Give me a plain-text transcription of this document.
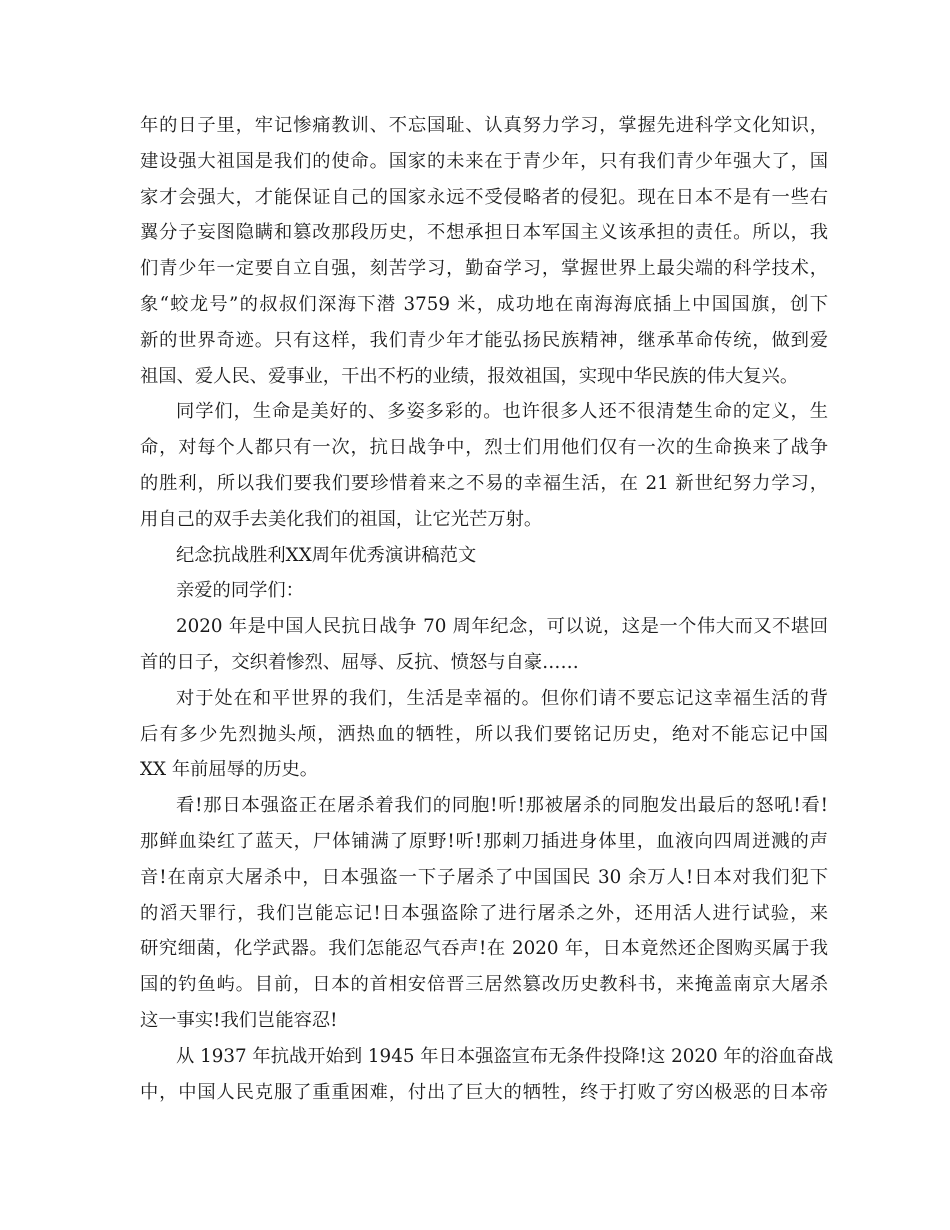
年的日子里，牢记惨痛教训、不忘国耻、认真努力学习，掌握先进科学文化知识，
建设强大祖国是我们的使命。国家的未来在于青少年，只有我们青少年强大了，国
家才会强大，才能保证自己的国家永远不受侵略者的侵犯。现在日本不是有一些右
翼分子妄图隐瞒和篡改那段历史，不想承担日本军国主义该承担的责任。所以，我
们青少年一定要自立自强，刻苦学习，勤奋学习，掌握世界上最尖端的科学技术，
象“蛟龙号”的叔叔们深海下潜 3759 米，成功地在南海海底插上中国国旗，创下
新的世界奇迹。只有这样，我们青少年才能弘扬民族精神，继承革命传统，做到爱
祖国、爱人民、爱事业，干出不朽的业绩，报效祖国，实现中华民族的伟大复兴。
同学们，生命是美好的、多姿多彩的。也许很多人还不很清楚生命的定义，生
命，对每个人都只有一次，抗日战争中，烈士们用他们仅有一次的生命换来了战争
的胜利，所以我们要我们要珍惜着来之不易的幸福生活，在 21 新世纪努力学习，
用自己的双手去美化我们的祖国，让它光芒万射。
纪念抗战胜利XX周年优秀演讲稿范文
亲爱的同学们：
2020 年是中国人民抗日战争 70 周年纪念，可以说，这是一个伟大而又不堪回
首的日子，交织着惨烈、屈辱、反抗、愤怒与自豪……
对于处在和平世界的我们，生活是幸福的。但你们请不要忘记这幸福生活的背
后有多少先烈抛头颅，洒热血的牺牲，所以我们要铭记历史，绝对不能忘记中国
XX 年前屈辱的历史。
看!那日本强盗正在屠杀着我们的同胞!听!那被屠杀的同胞发出最后的怒吼!看!
那鲜血染红了蓝天，尸体铺满了原野!听!那刺刀插进身体里，血液向四周迸溅的声
音!在南京大屠杀中，日本强盗一下子屠杀了中国国民 30 余万人!日本对我们犯下
的滔天罪行，我们岂能忘记!日本强盗除了进行屠杀之外，还用活人进行试验，来
研究细菌，化学武器。我们怎能忍气吞声!在 2020 年，日本竟然还企图购买属于我
国的钓鱼屿。目前，日本的首相安倍晋三居然篡改历史教科书，来掩盖南京大屠杀
这一事实!我们岂能容忍!
从 1937 年抗战开始到 1945 年日本强盗宣布无条件投降!这 2020 年的浴血奋战
中，中国人民克服了重重困难，付出了巨大的牺牲，终于打败了穷凶极恶的日本帝
